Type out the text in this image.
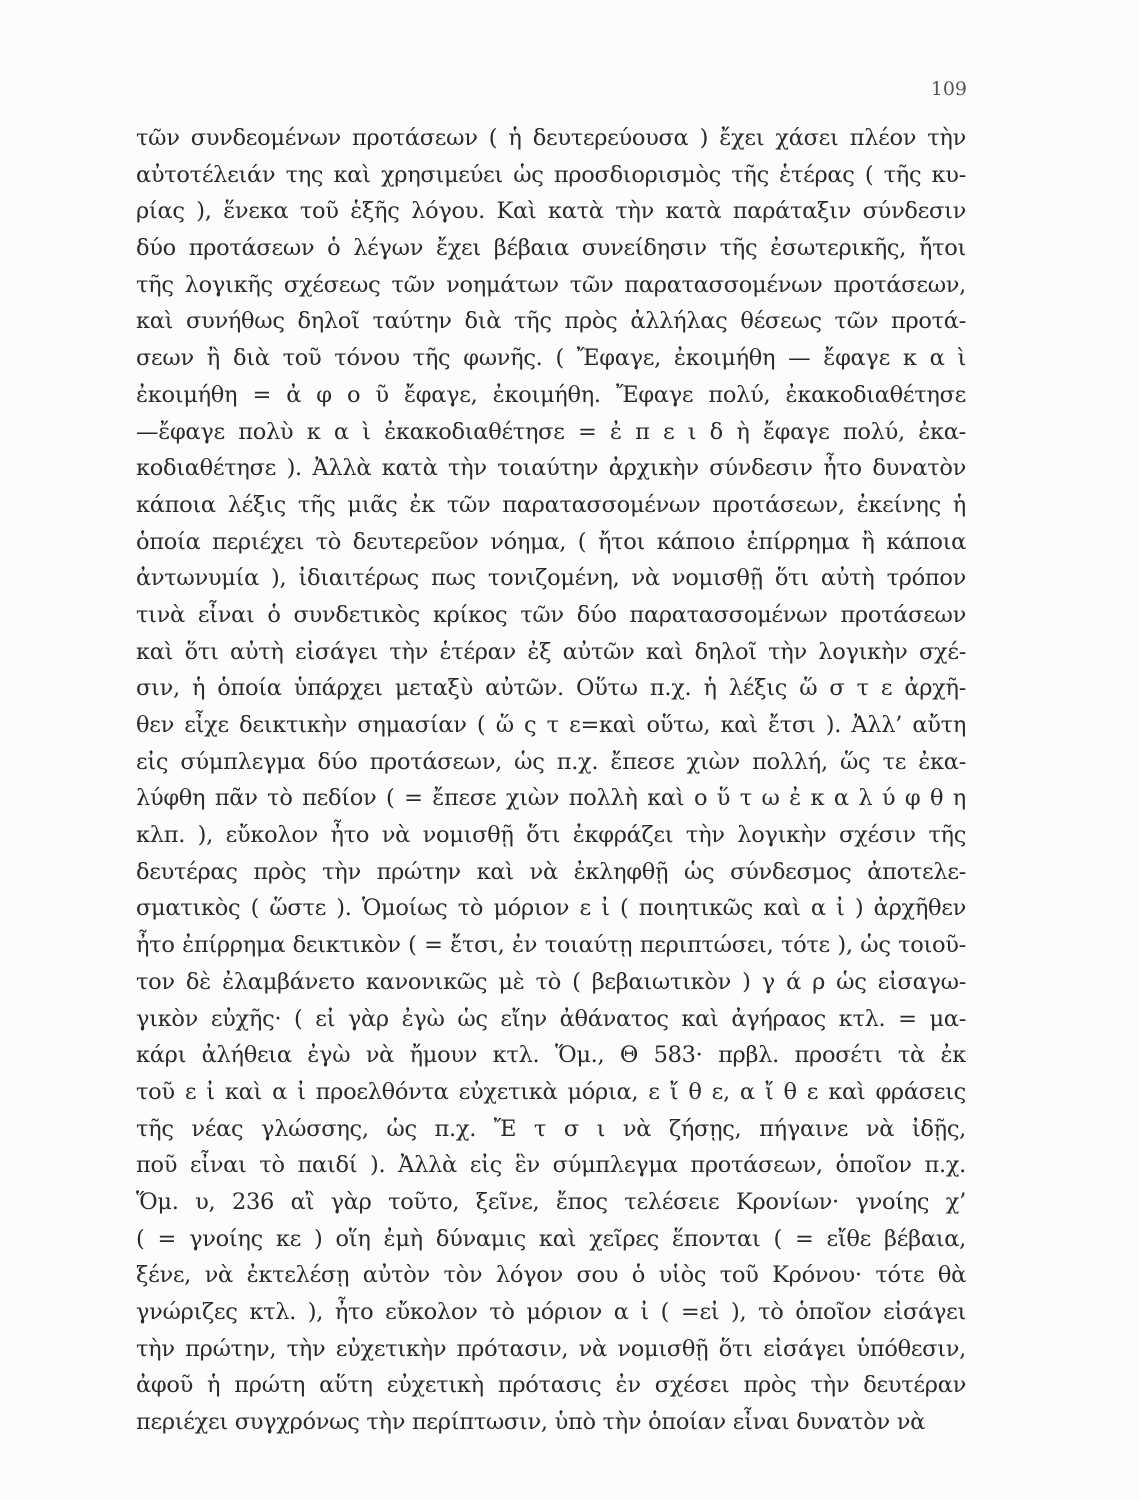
109
τῶν συνδεομένων προτάσεων ( ἡ δευτερεύουσα ) ἔχει χάσει πλέον τὴν
αὐτοτέλειάν της καὶ χρησιμεύει ὡς προσδιορισμὸς τῆς ἑτέρας ( τῆς κυ-
ρίας ), ἕνεκα τοῦ ἑξῆς λόγου. Καὶ κατὰ τὴν κατὰ παράταξιν σύνδεσιν
δύο προτάσεων ὁ λέγων ἔχει βέβαια συνείδησιν τῆς ἐσωτερικῆς, ἤτοι
τῆς λογικῆς σχέσεως τῶν νοημάτων τῶν παρατασσομένων προτάσεων,
καὶ συνήθως δηλοῖ ταύτην διὰ τῆς πρὸς ἀλλήλας θέσεως τῶν προτά-
σεων ἢ διὰ τοῦ τόνου τῆς φωνῆς. ( Ἔφαγε, ἐκοιμήθη — ἔφαγε κ α ὶ
ἐκοιμήθη = ἀ φ ο ῦ ἔφαγε, ἐκοιμήθη. Ἔφαγε πολύ, ἐκακοδιαθέτησε
—ἔφαγε πολὺ κ α ὶ ἐκακοδιαθέτησε = ἐ π ε ι δ ὴ ἔφαγε πολύ, ἐκα-
κοδιαθέτησε ). Ἀλλὰ κατὰ τὴν τοιαύτην ἀρχικὴν σύνδεσιν ἦτο δυνατὸν
κάποια λέξις τῆς μιᾶς ἐκ τῶν παρατασσομένων προτάσεων, ἐκείνης ἡ
ὁποία περιέχει τὸ δευτερεῦον νόημα, ( ἤτοι κάποιο ἐπίρρημα ἢ κάποια
ἀντωνυμία ), ἰδιαιτέρως πως τονιζομένη, νὰ νομισθῇ ὅτι αὐτὴ τρόπον
τινὰ εἶναι ὁ συνδετικὸς κρίκος τῶν δύο παρατασσομένων προτάσεων
καὶ ὅτι αὐτὴ εἰσάγει τὴν ἑτέραν ἐξ αὐτῶν καὶ δηλοῖ τὴν λογικὴν σχέ-
σιν, ἡ ὁποία ὑπάρχει μεταξὺ αὐτῶν. Οὕτω π.χ. ἡ λέξις ὥ σ τ ε ἀρχῆ-
θεν εἶχε δεικτικὴν σημασίαν ( ὥ ς τ ε=καὶ οὕτω, καὶ ἔτσι ). Ἀλλ’ αὔτη
εἰς σύμπλεγμα δύο προτάσεων, ὡς π.χ. ἔπεσε χιὼν πολλή, ὥς τε ἐκα-
λύφθη πᾶν τὸ πεδίον ( = ἔπεσε χιὼν πολλὴ καὶ ο ὕ τ ω ἐ κ α λ ύ φ θ η
κλπ. ), εὔκολον ἦτο νὰ νομισθῇ ὅτι ἐκφράζει τὴν λογικὴν σχέσιν τῆς
δευτέρας πρὸς τὴν πρώτην καὶ νὰ ἐκληφθῇ ὡς σύνδεσμος ἀποτελε-
σματικὸς ( ὥστε ). Ὁμοίως τὸ μόριον ε ἰ ( ποιητικῶς καὶ α ἰ ) ἀρχῆθεν
ἦτο ἐπίρρημα δεικτικὸν ( = ἔτσι, ἐν τοιαύτῃ περιπτώσει, τότε ), ὡς τοιοῦ-
τον δὲ ἐλαμβάνετο κανονικῶς μὲ τὸ ( βεβαιωτικὸν ) γ ά ρ ὡς εἰσαγω-
γικὸν εὐχῆς· ( εἰ γὰρ ἐγὼ ὡς εἴην ἀθάνατος καὶ ἀγήραος κτλ. = μα-
κάρι ἀλήθεια ἐγὼ νὰ ἤμουν κτλ. Ὅμ., Θ 583· πρβλ. προσέτι τὰ ἐκ
τοῦ ε ἰ καὶ α ἰ προελθόντα εὐχετικὰ μόρια, ε ἴ θ ε, α ἴ θ ε καὶ φράσεις
τῆς νέας γλώσσης, ὡς π.χ. Ἔ τ σ ι νὰ ζήσῃς, πήγαινε νὰ ἰδῇς,
ποῦ εἶναι τὸ παιδί ). Ἀλλὰ εἰς ἓν σύμπλεγμα προτάσεων, ὁποῖον π.χ.
Ὅμ. υ, 236 αἲ γὰρ τοῦτο, ξεῖνε, ἔπος τελέσειε Κρονίων· γνοίης χ’
( = γνοίης κε ) οἵη ἐμὴ δύναμις καὶ χεῖρες ἕπονται ( = εἴθε βέβαια,
ξένε, νὰ ἐκτελέσῃ αὐτὸν τὸν λόγον σου ὁ υἱὸς τοῦ Κρόνου· τότε θὰ
γνώριζες κτλ. ), ἦτο εὔκολον τὸ μόριον α ἰ ( =εἰ ), τὸ ὁποῖον εἰσάγει
τὴν πρώτην, τὴν εὐχετικὴν πρότασιν, νὰ νομισθῇ ὅτι εἰσάγει ὑπόθεσιν,
ἀφοῦ ἡ πρώτη αὕτη εὐχετικὴ πρότασις ἐν σχέσει πρὸς τὴν δευτέραν
περιέχει συγχρόνως τὴν περίπτωσιν, ὑπὸ τὴν ὁποίαν εἶναι δυνατὸν νὰ
